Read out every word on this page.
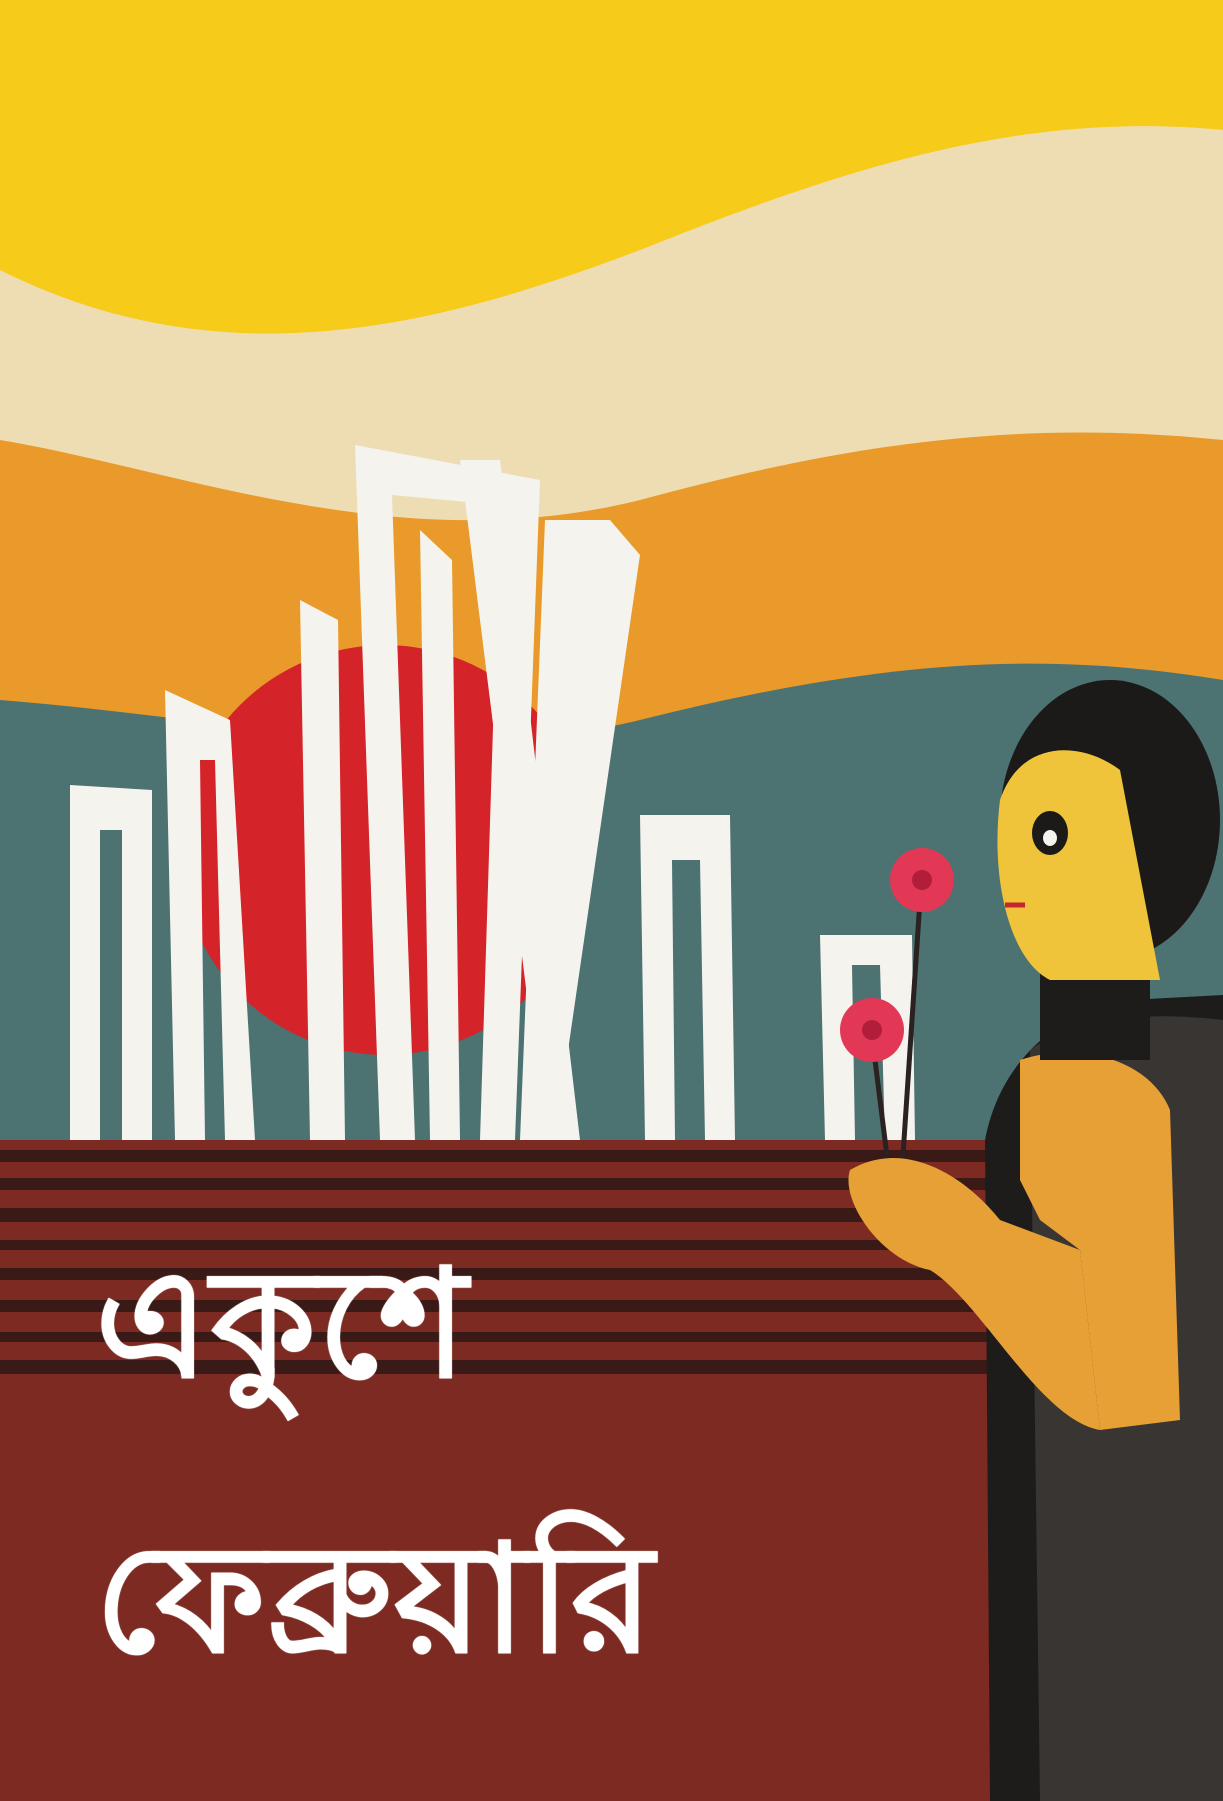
একুশে
ফেব্রুয়ারি
